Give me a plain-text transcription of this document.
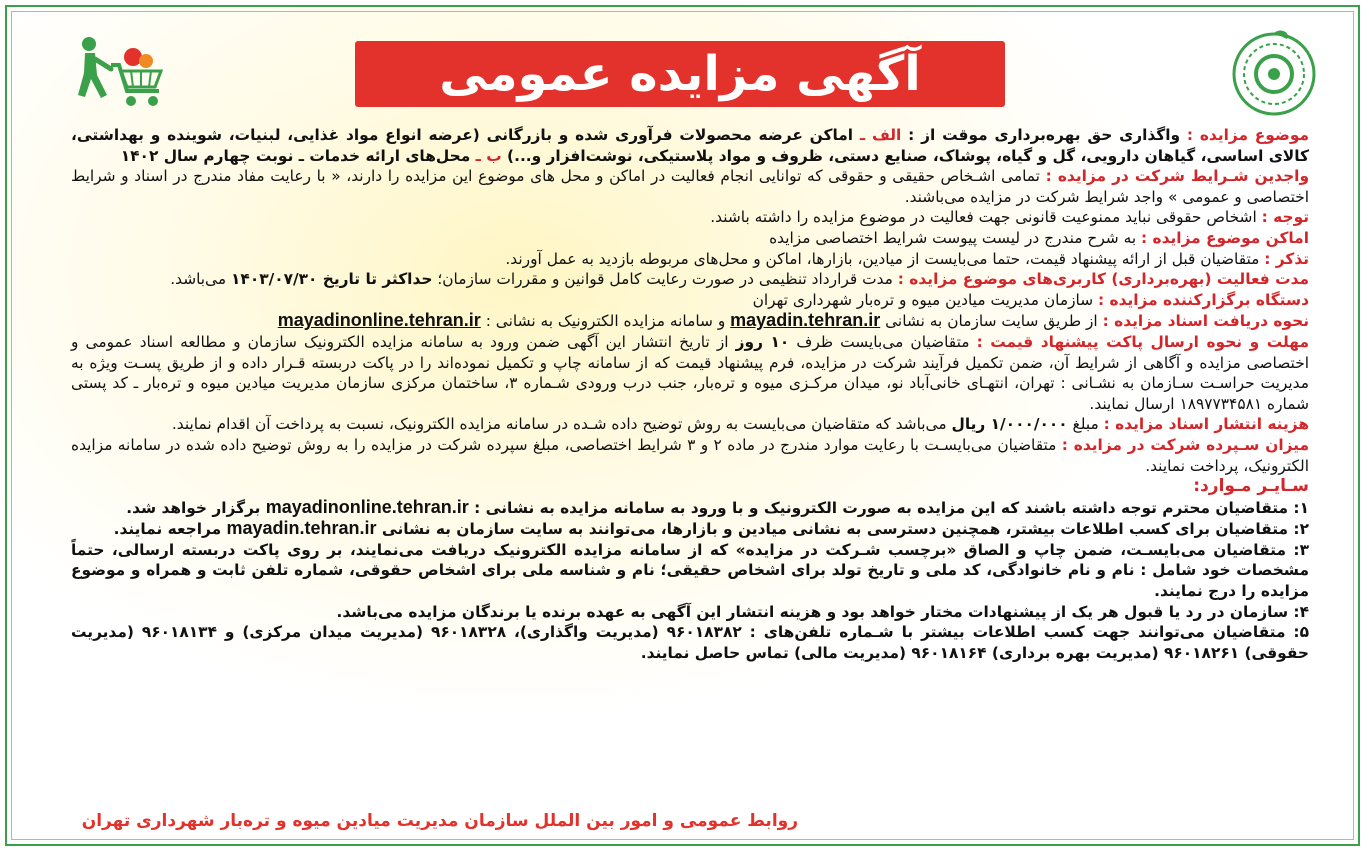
آگهی مزایده عمومی

موضوع مزایده : واگذاری حق بهره‌برداری موقت از : الف ـ اماکن عرضه محصولات فرآوری شده و بازرگانی (عرضه انواع مواد غذایی، لبنیات، شوینده و بهداشتی، کالای اساسی، گیاهان دارویی، گل و گیاه، پوشاک، صنایع دستی، ظروف و مواد پلاستیکی، نوشت‌افزار و...) ب ـ محل‌های ارائه خدمات ـ نوبت چهارم سال ۱۴۰۲

واجدین شـرایط شرکت در مزایده : تمامی اشـخاص حقیقی و حقوقی که توانایی انجام فعالیت در اماکن و محل های موضوع این مزایده را دارند، « با رعایت مفاد مندرج در اسناد و شرایط اختصاصی و عمومی » واجد شرایط شرکت در مزایده می‌باشند.

توجه : اشخاص حقوقی نباید ممنوعیت قانونی جهت فعالیت در موضوع مزایده را داشته باشند.

اماکن موضوع مزایده : به شرح مندرج در لیست پیوست شرایط اختصاصی مزایده

تذکر : متقاضیان قبل از ارائه پیشنهاد قیمت، حتما می‌بایست از میادین، بازارها، اماکن و محل‌های مربوطه بازدید به عمل آورند.

مدت فعالیت (بهره‌برداری) کاربری‌های موضوع مزایده : مدت قرارداد تنظیمی در صورت رعایت کامل قوانین و مقررات سازمان؛ حداکثر تا تاریخ ۱۴۰۳/۰۷/۳۰ می‌باشد.

دستگاه برگزارکننده مزایده : سازمان مدیریت میادین میوه و تره‌بار شهرداری تهران

نحوه دریافت اسناد مزایده : از طریق سایت سازمان به نشانی mayadin.tehran.ir و سامانه مزایده الکترونیک به نشانی : mayadinonline.tehran.ir

مهلت و نحوه ارسال پاکت پیشنهاد قیمت : متقاضیان می‌بایست ظرف ۱۰ روز از تاریخ انتشار این آگهی ضمن ورود به سامانه مزایده الکترونیک سازمان و مطالعه اسناد عمومی و اختصاصی مزایده و آگاهی از شرایط آن، ضمن تکمیل فرآیند شرکت در مزایده، فرم پیشنهاد قیمت که از سامانه چاپ و تکمیل نموده‌اند را در پاکت دربسته قـرار داده و از طریق پسـت ویژه به مدیریت حراسـت سـازمان به نشـانی : تهران، انتهـای خانی‌آباد نو، میدان مرکـزی میوه و تره‌بار، جنب درب ورودی شـماره ۳، ساختمان مرکزی سازمان مدیریت میادین میوه و تره‌بار ـ کد پستی شماره ۱۸۹۷۷۳۴۵۸۱ ارسال نمایند.

هزینه انتشار اسناد مزایده : مبلغ ۱/۰۰۰/۰۰۰ ریال می‌باشد که متقاضیان می‌بایست به روش توضیح داده شـده در سامانه مزایده الکترونیک، نسبت به پرداخت آن اقدام نمایند.

میزان سـپرده شرکت در مزایده : متقاضیان می‌بایسـت با رعایت موارد مندرج در ماده ۲ و ۳ شرایط اختصاصی، مبلغ سپرده شرکت در مزایده را به روش توضیح داده شده در سامانه مزایده الکترونیک، پرداخت نمایند.

سـایـر مـوارد:

۱: متقاضیان محترم توجه داشته باشند که این مزایده به صورت الکترونیک و با ورود به سامانه مزایده به نشانی : mayadinonline.tehran.ir برگزار خواهد شد.

۲: متقاضیان برای کسب اطلاعات بیشتر، همچنین دسترسی به نشانی میادین و بازارها، می‌توانند به سایت سازمان به نشانی mayadin.tehran.ir مراجعه نمایند.

۳: متقاضیان می‌بایسـت، ضمن چاپ و الصاق «برچسب شـرکت در مزایده» که از سامانه مزایده الکترونیک دریافت می‌نمایند، بر روی پاکت دربسته ارسالی، حتماً مشخصات خود شامل : نام و نام خانوادگی، کد ملی و تاریخ تولد برای اشخاص حقیقی؛ نام و شناسه ملی برای اشخاص حقوقی، شماره تلفن ثابت و همراه و موضوع مزایده را درج نمایند.

۴: سازمان در رد یا قبول هر یک از پیشنهادات مختار خواهد بود و هزینه انتشار این آگهی به عهده برنده یا برندگان مزایده می‌باشد.

۵: متقاضیان می‌توانند جهت کسب اطلاعات بیشتر با شـماره تلفن‌های : ۹۶۰۱۸۳۸۲ (مدیریت واگذاری)، ۹۶۰۱۸۳۲۸ (مدیریت میدان مرکزی) و ۹۶۰۱۸۱۳۴ (مدیریت حقوقی) ۹۶۰۱۸۲۶۱ (مدیریت بهره برداری) ۹۶۰۱۸۱۶۴ (مدیریت مالی) تماس حاصل نمایند.

روابط عمومی و امور بین الملل سازمان مدیریت میادین میوه و تره‌بار شهرداری تهران
